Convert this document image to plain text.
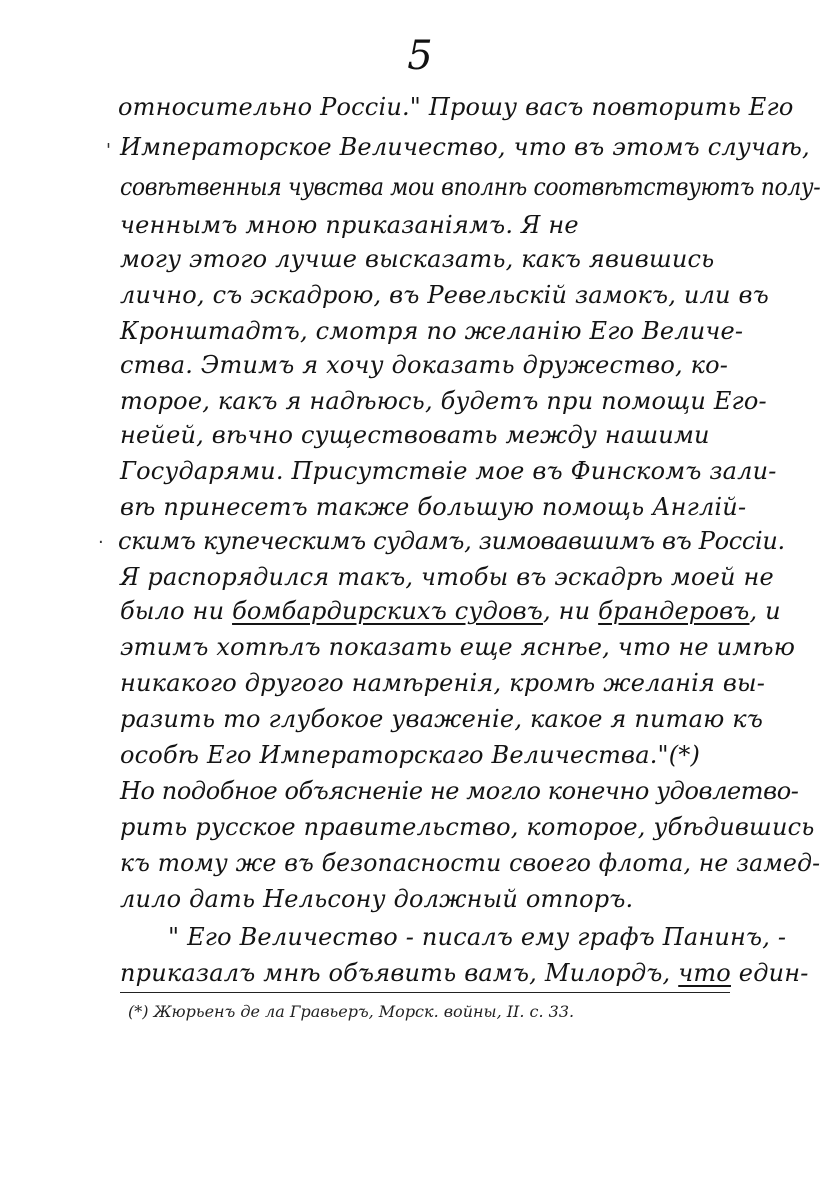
5
относительно Россіи." Прошу васъ повторить Его
Императорское Величество, что въ этомъ случаѣ,
совѣтвенныя чувства мои вполнѣ соотвѣтствуютъ полу-
ченнымъ мною приказаніямъ. Я не
могу этого лучше высказать, какъ явившись
лично, съ эскадрою, въ Ревельскій замокъ, или въ
Кронштадтъ, смотря по желанію Его Величе-
ства. Этимъ я хочу доказать дружество, ко-
торое, какъ я надѣюсь, будетъ при помощи Его-
нейей, вѣчно существовать между нашими
Государями. Присутствіе мое въ Финскомъ зали-
вѣ принесетъ также большую помощь Англій-
скимъ купеческимъ судамъ, зимовавшимъ въ Россіи.
Я распорядился такъ, чтобы въ эскадрѣ моей не
было ни бомбардирскихъ судовъ, ни брандеровъ, и
этимъ хотѣлъ показать еще яснѣе, что не имѣю
никакого другого намѣренія, кромѣ желанія вы-
разить то глубокое уваженіе, какое я питаю къ
особѣ Его Императорскаго Величества."(*)
Но подобное объясненіе не могло конечно удовлетво-
рить русское правительство, которое, убѣдившись
къ тому же въ безопасности своего флота, не замед-
лило дать Нельсону должный отпоръ.
" Его Величество - писалъ ему графъ Панинъ, -
приказалъ мнѣ объявить вамъ, Милордъ, что един-
(*) Жюрьенъ де ла Гравьеръ, Морск. войны, II. с. 33.
'
·
